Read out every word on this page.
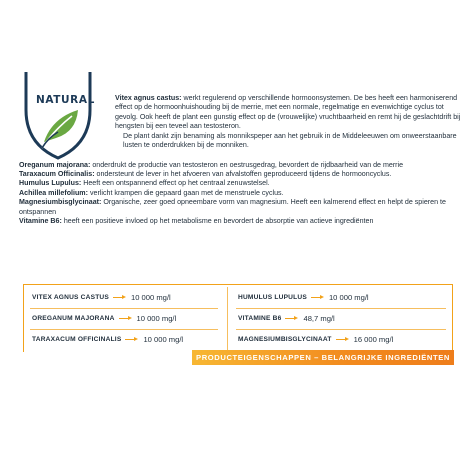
NATURAL	Vitex agnus castus: werkt regulerend op verschillende hormoonsystemen. De bes heeft een harmoniserend effect op de hormoonhuishouding bij de merrie, met een normale, regelmatige en evenwichtige cyclus tot gevolg. Ook heeft de plant een gunstig effect op de (vrouwelijke) vruchtbaarheid en remt hij de geslachtdrift bij hengsten bij een teveel aan testosteron.

De plant dankt zijn benaming als monnikspeper aan het gebruik in de Middeleeuwen om onweerstaanbare lusten te onderdrukken bij de monniken.

Oreganum majorana: onderdrukt de productie van testosteron en oestrusgedrag, bevordert de rijdbaarheid van de merrie

Taraxacum Officinalis: ondersteunt de lever in het afvoeren van afvalstoffen geproduceerd tijdens de hormooncyclus.

Humulus Lupulus: Heeft een ontspannend effect op het centraal zenuwstelsel.

Achillea millefolium: verlicht krampen die gepaard gaan met de menstruele cyclus.

Magnesiumbisglycinaat: Organische, zeer goed opneembare vorm van magnesium. Heeft een kalmerend effect en helpt de spieren te ontspannen

Vitamine B6: heeft een positieve invloed op het metabolisme en bevordert de absorptie van actieve ingrediënten

VITEX AGNUS CASTUS	10 000 mg/l	HUMULUS LUPULUS	10 000 mg/l
OREGANUM MAJORANA	10 000 mg/l	VITAMINE B6	48,7 mg/l
TARAXACUM OFFICINALIS	10 000 mg/l	MAGNESIUMBISGLYCINAAT	16 000 mg/l
PRODUCTEIGENSCHAPPEN – BELANGRIJKE INGREDIËNTEN
